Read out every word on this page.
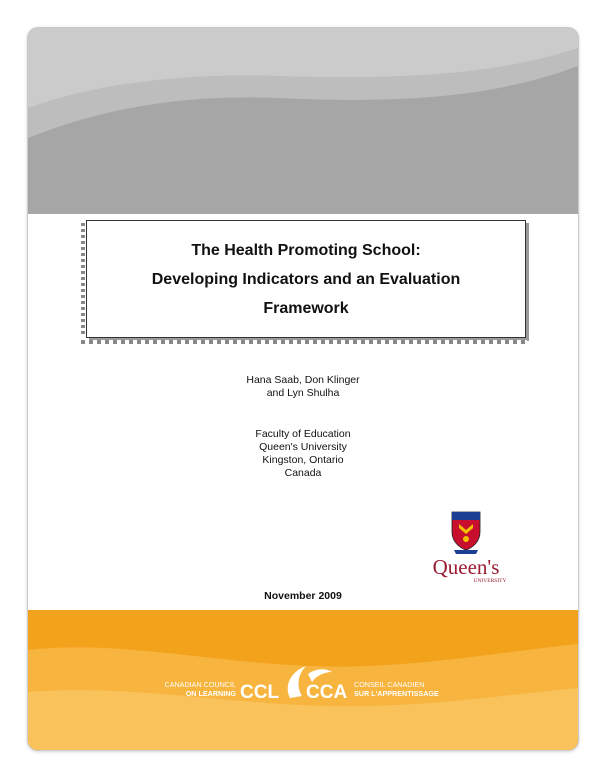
The Health Promoting School:
Developing Indicators and an Evaluation
Framework
Hana Saab, Don Klinger
and Lyn Shulha
Faculty of Education
Queen's University
Kingston, Ontario
Canada
Queen's
UNIVERSITY
November 2009
CANADIAN COUNCIL
ON LEARNING CCL CCA CONSEIL CANADIEN
SUR L'APPRENTISSAGE
